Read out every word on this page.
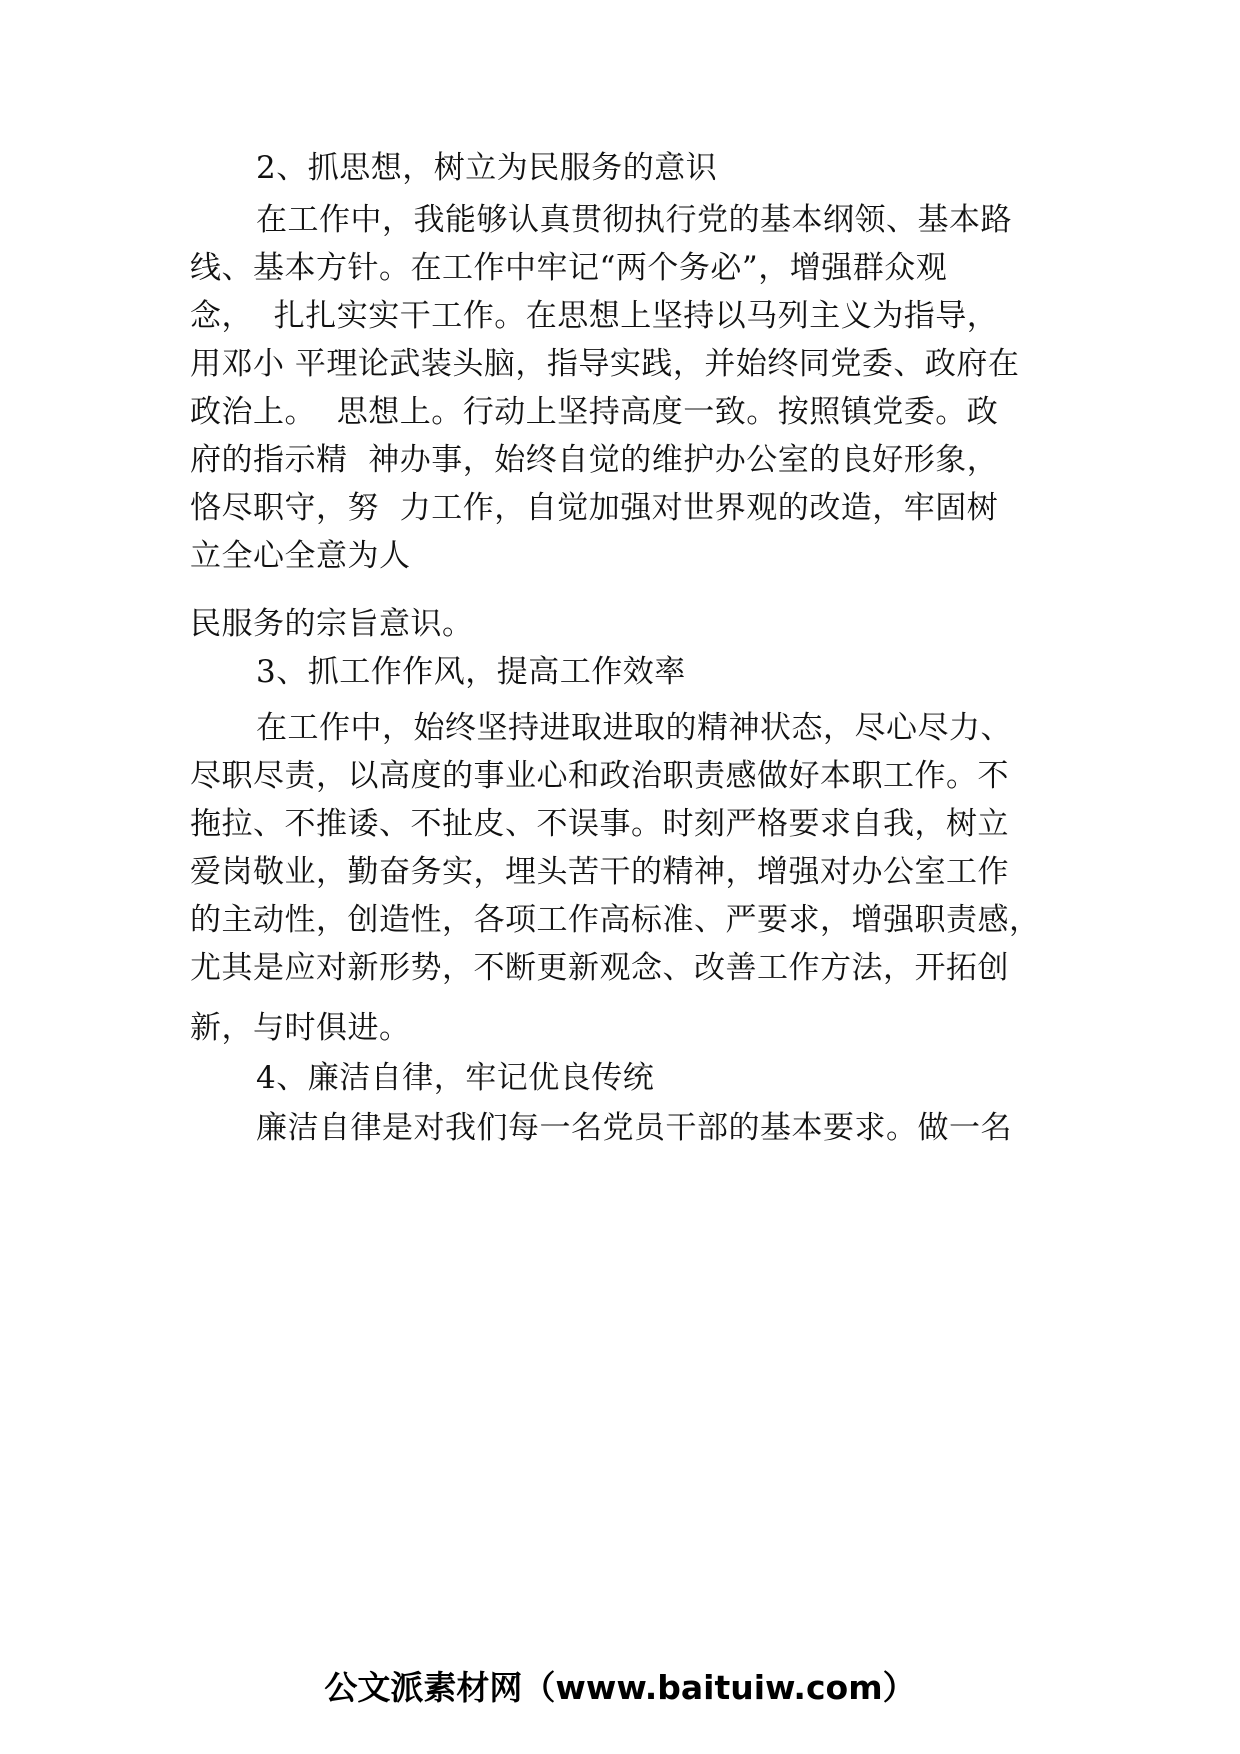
2、抓思想，树立为民服务的意识
在工作中，我能够认真贯彻执行党的基本纲领、基本路
线、基本方针。在工作中牢记“两个务必”，增强群众观
念，  扎扎实实干工作。在思想上坚持以马列主义为指导，
用邓小 平理论武装头脑，指导实践，并始终同党委、政府在
政治上。  思想上。行动上坚持高度一致。按照镇党委。政
府的指示精  神办事，始终自觉的维护办公室的良好形象，
恪尽职守，努  力工作，自觉加强对世界观的改造，牢固树
立全心全意为人
民服务的宗旨意识。
3、抓工作作风，提高工作效率
在工作中，始终坚持进取进取的精神状态，尽心尽力、
尽职尽责，以高度的事业心和政治职责感做好本职工作。不
拖拉、不推诿、不扯皮、不误事。时刻严格要求自我，树立
爱岗敬业，勤奋务实，埋头苦干的精神，增强对办公室工作
的主动性，创造性，各项工作高标准、严要求，增强职责感，
尤其是应对新形势，不断更新观念、改善工作方法，开拓创
新，与时俱进。
4、廉洁自律，牢记优良传统
廉洁自律是对我们每一名党员干部的基本要求。做一名
公文派素材网（www.baituiw.com）
